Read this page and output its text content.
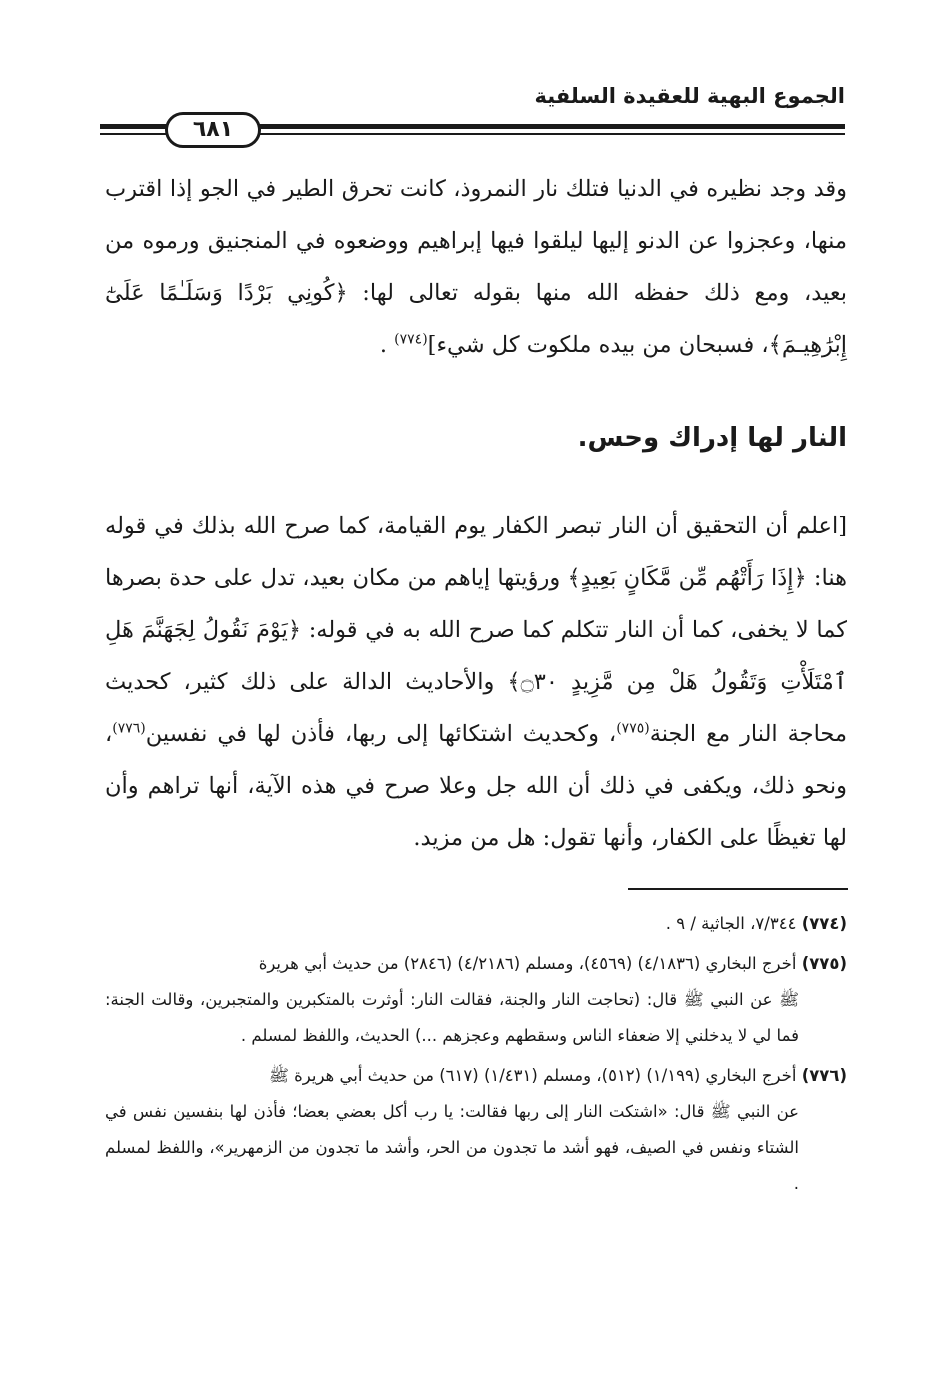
الجموع البهية للعقيدة السلفية
٦٨١
وقد وجد نظيره في الدنيا فتلك نار النمروذ، كانت تحرق الطير في الجو إذا اقترب منها، وعجزوا عن الدنو إليها ليلقوا فيها إبراهيم ووضعوه في المنجنيق ورموه من بعيد، ومع ذلك حفظه الله منها بقوله تعالى لها: ﴿كُونِي بَرْدًا وَسَلَـٰمًا عَلَىٰٓ إِبْرَٰهِيـمَ﴾، فسبحان من بيده ملكوت كل شيء]$^{(٧٧٤)}$ .
النار لها إدراك وحس.
[اعلم أن التحقيق أن النار تبصر الكفار يوم القيامة، كما صرح الله بذلك في قوله هنا: ﴿إِذَا رَأَتْهُم مِّن مَّكَانٍ بَعِيدٍ﴾ ورؤيتها إياهم من مكان بعيد، تدل على حدة بصرها كما لا يخفى، كما أن النار تتكلم كما صرح الله به في قوله: ﴿يَوْمَ نَقُولُ لِجَهَنَّمَ هَلِ ٱمْتَلَأْتِ وَتَقُولُ هَلْ مِن مَّزِيدٍ ۝٣٠﴾ والأحاديث الدالة على ذلك كثير، كحديث محاجة النار مع الجنة$^{(٧٧٥)}$، وكحديث اشتكائها إلى ربها، فأذن لها في نفسين$^{(٧٧٦)}$، ونحو ذلك، ويكفى في ذلك أن الله جل وعلا صرح في هذه الآية، أنها تراهم وأن لها تغيظًا على الكفار، وأنها تقول: هل من مزيد.
(٧٧٤) ٧/٣٤٤، الجاثية / ٩ .
(٧٧٥) أخرج البخاري (٤/١٨٣٦) (٤٥٦٩)، ومسلم (٤/٢١٨٦) (٢٨٤٦) من حديث أبي هريرة
ﷺ عن النبي ﷺ قال: (تحاجت النار والجنة، فقالت النار: أوثرت بالمتكبرين والمتجبرين، وقالت الجنة: فما لي لا يدخلني إلا ضعفاء الناس وسقطهم وعجزهم ...) الحديث، واللفظ لمسلم .
(٧٧٦) أخرج البخاري (١/١٩٩) (٥١٢)، ومسلم (١/٤٣١) (٦١٧) من حديث أبي هريرة ﷺ
عن النبي ﷺ قال: «اشتكت النار إلى ربها فقالت: يا رب أكل بعضي بعضا؛ فأذن لها بنفسين نفس في الشتاء ونفس في الصيف، فهو أشد ما تجدون من الحر، وأشد ما تجدون من الزمهرير»، واللفظ لمسلم .
